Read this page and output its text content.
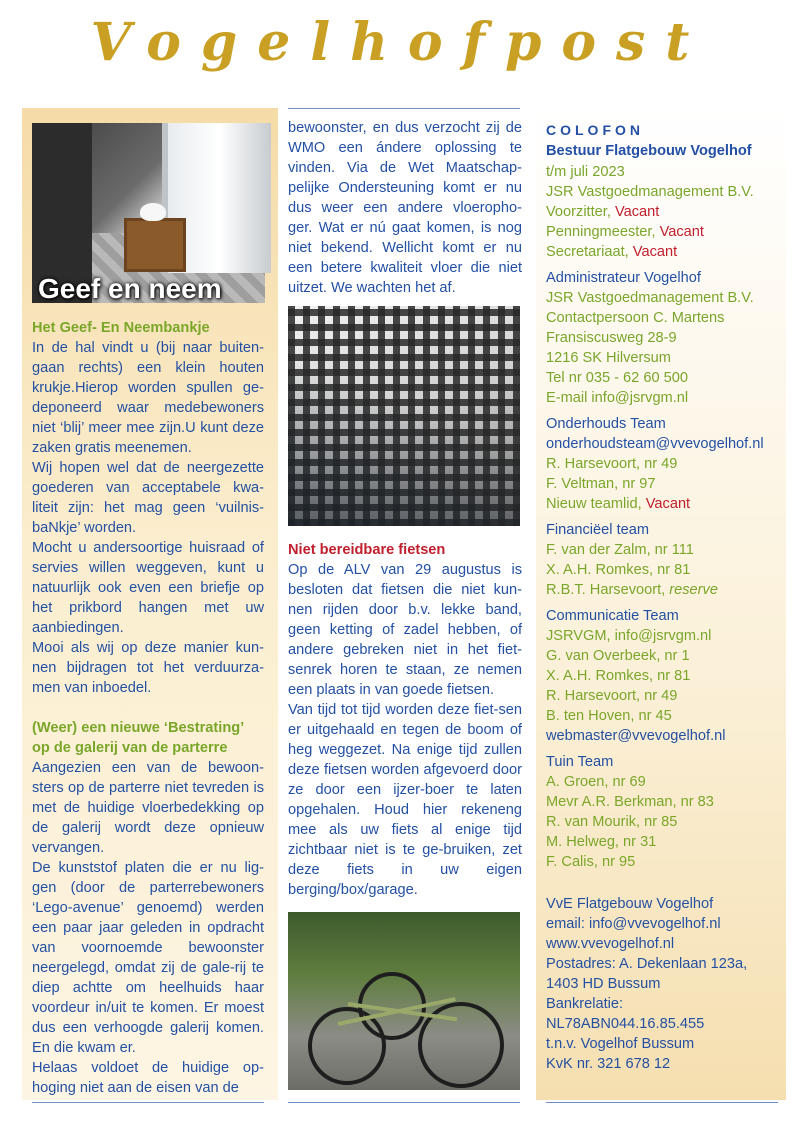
Vogelhofpost
Geef en neem

Het Geef- En Neembankje

In de hal vindt u (bij naar buiten-gaan rechts) een klein houten krukje.Hierop worden spullen ge-deponeerd waar medebewoners niet ‘blij’ meer mee zijn.U kunt deze zaken gratis meenemen.

Wij hopen wel dat de neergezette goederen van acceptabele kwa-liteit zijn: het mag geen ‘vuilnis-baNkje’ worden.

Mocht u andersoortige huisraad of servies willen weggeven, kunt u natuurlijk ook even een briefje op het prikbord hangen met uw aanbiedingen.

Mooi als wij op deze manier kun-nen bijdragen tot het verduurza-men van inboedel.

(Weer) een nieuwe ‘Bestrating’
op de galerij van de parterre

Aangezien een van de bewoon-sters op de parterre niet tevreden is met de huidige vloerbedekking op de galerij wordt deze opnieuw vervangen.

De kunststof platen die er nu lig-gen (door de parterrebewoners ‘Lego-avenue’ genoemd) werden een paar jaar geleden in opdracht van voornoemde bewoonster neergelegd, omdat zij de gale-rij te diep achtte om heelhuids haar voordeur in/uit te komen. Er moest dus een verhoogde galerij komen. En die kwam er.

Helaas voldoet de huidige op-hoging niet aan de eisen van de

bewoonster, en dus verzocht zij de WMO een ándere oplossing te vinden. Via de Wet Maatschap-pelijke Ondersteuning komt er nu dus weer een andere vloeropho-ger. Wat er nú gaat komen, is nog niet bekend. Wellicht komt er nu een betere kwaliteit vloer die niet uitzet. We wachten het af.

Niet bereidbare fietsen

Op de ALV van 29 augustus is besloten dat fietsen die niet kun-nen rijden door b.v. lekke band, geen ketting of zadel hebben, of andere gebreken niet in het fiet-senrek horen te staan, ze nemen een plaats in van goede fietsen.

Van tijd tot tijd worden deze fiet-sen er uitgehaald en tegen de boom of heg weggezet. Na enige tijd zullen deze fietsen worden afgevoerd door ze door een ijzer-boer te laten opgehalen. Houd hier rekeneng mee als uw fiets al enige tijd zichtbaar niet is te ge-bruiken, zet deze fiets in uw eigen berging/box/garage.

COLOFON
Bestuur Flatgebouw Vogelhof
t/m juli 2023
JSR Vastgoedmanagement B.V.
Voorzitter, Vacant
Penningmeester, Vacant
Secretariaat, Vacant
Administrateur Vogelhof
JSR Vastgoedmanagement B.V.
Contactpersoon C. Martens
Fransiscusweg 28-9
1216 SK Hilversum
Tel nr 035 - 62 60 500
E-mail info@jsrvgm.nl
Onderhouds Team
onderhoudsteam@vvevogelhof.nl
R. Harsevoort, nr 49
F. Veltman, nr 97
Nieuw teamlid, Vacant
Financiëel team
F. van der Zalm, nr 111
X. A.H. Romkes, nr 81
R.B.T. Harsevoort, reserve
Communicatie Team
JSRVGM, info@jsrvgm.nl
G. van Overbeek, nr 1
X. A.H. Romkes, nr 81
R. Harsevoort, nr 49
B. ten Hoven, nr 45
webmaster@vvevogelhof.nl
Tuin Team
A. Groen, nr 69
Mevr A.R. Berkman, nr 83
R. van Mourik, nr 85
M. Helweg, nr 31
F. Calis, nr 95
VvE Flatgebouw Vogelhof
email: info@vvevogelhof.nl
www.vvevogelhof.nl
Postadres: A. Dekenlaan 123a,
1403 HD Bussum
Bankrelatie:
NL78ABN044.16.85.455
t.n.v. Vogelhof Bussum
KvK nr. 321 678 12
